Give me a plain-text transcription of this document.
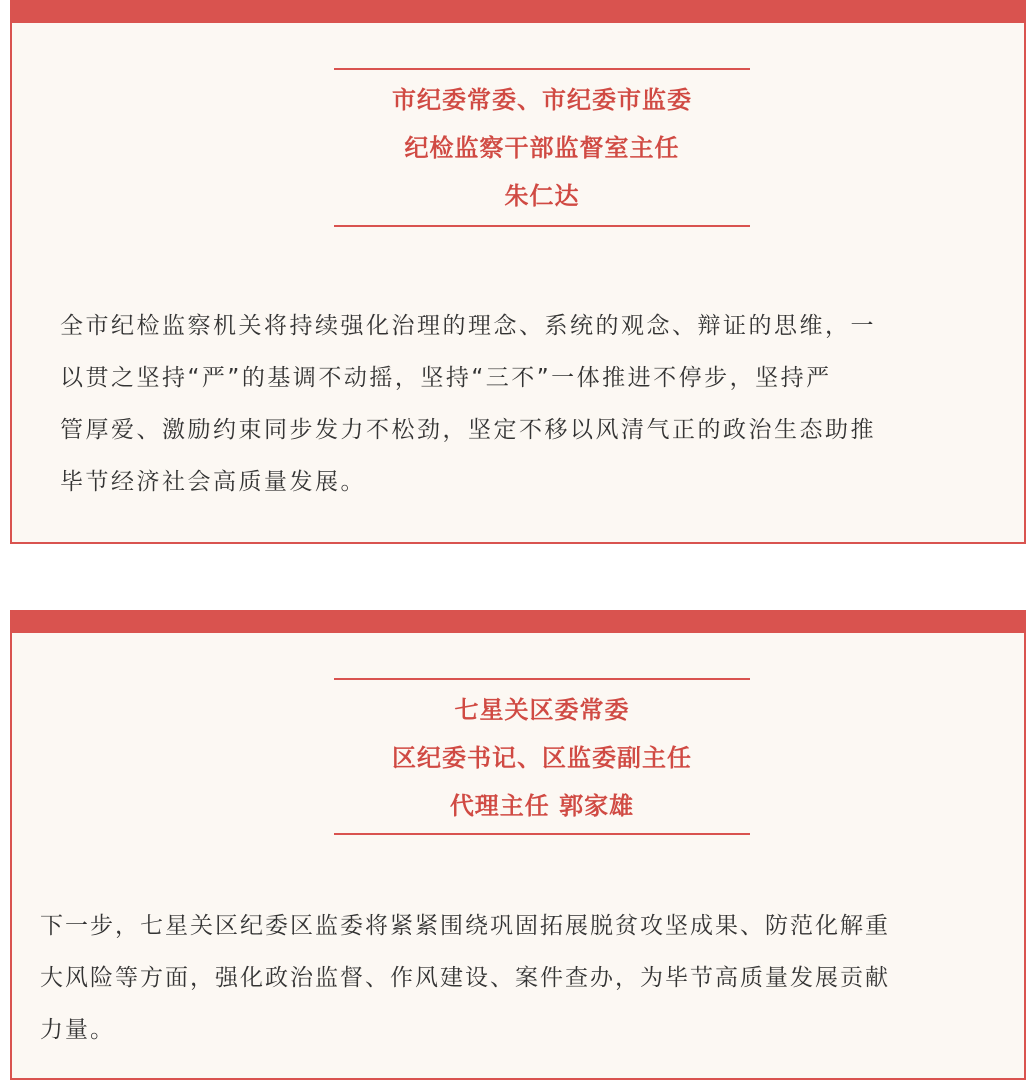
市纪委常委、市纪委市监委
纪检监察干部监督室主任
朱仁达
全市纪检监察机关将持续强化治理的理念、系统的观念、辩证的思维，一
以贯之坚持“严”的基调不动摇，坚持“三不”一体推进不停步，坚持严
管厚爱、激励约束同步发力不松劲，坚定不移以风清气正的政治生态助推
毕节经济社会高质量发展。
七星关区委常委
区纪委书记、区监委副主任
代理主任 郭家雄
下一步，七星关区纪委区监委将紧紧围绕巩固拓展脱贫攻坚成果、防范化解重
大风险等方面，强化政治监督、作风建设、案件查办，为毕节高质量发展贡献
力量。
